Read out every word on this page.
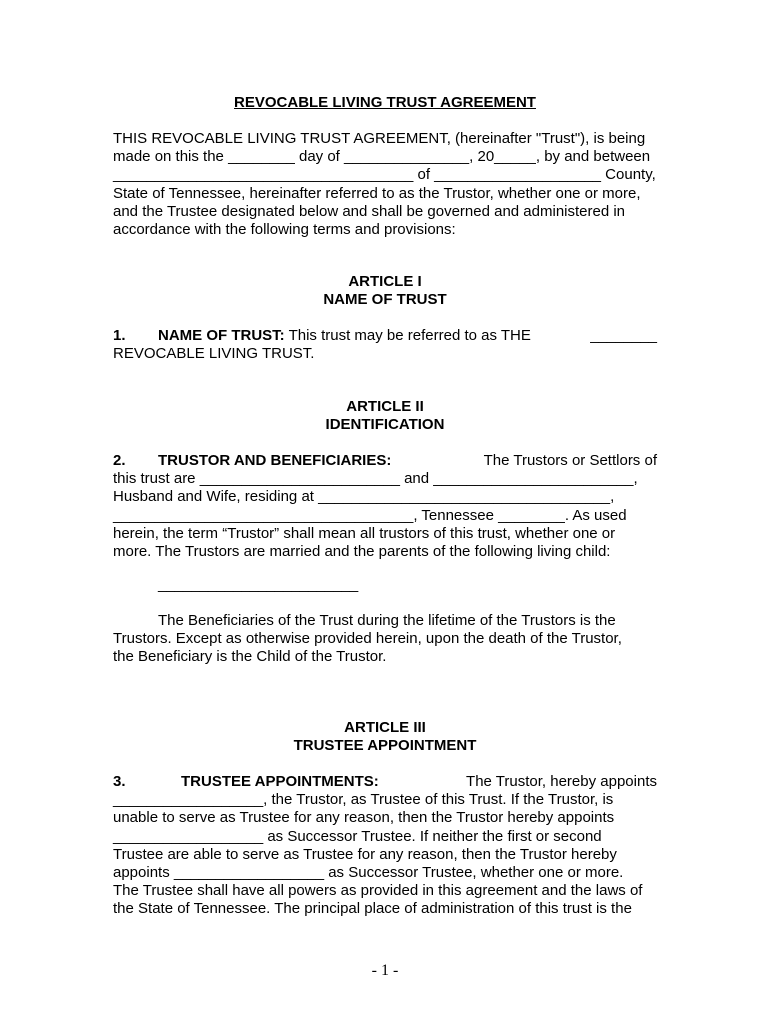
REVOCABLE LIVING TRUST AGREEMENT
THIS REVOCABLE LIVING TRUST AGREEMENT, (hereinafter "Trust"), is being
made on this the ________ day of _______________, 20_____, by and between
____________________________________ of ____________________ County,
State of Tennessee, hereinafter referred to as the Trustor, whether one or more,
and the Trustee designated below and shall be governed and administered in
accordance with the following terms and provisions:
ARTICLE I
NAME OF TRUST
1. NAME OF TRUST: This trust may be referred to as THE	________
REVOCABLE LIVING TRUST.
ARTICLE II
IDENTIFICATION
2. TRUSTOR AND BENEFICIARIES:	The Trustors or Settlors of
this trust are ________________________ and ________________________,
Husband and Wife, residing at ___________________________________,
____________________________________, Tennessee ________. As used
herein, the term “Trustor” shall mean all trustors of this trust, whether one or
more. The Trustors are married and the parents of the following living child:
________________________
The Beneficiaries of the Trust during the lifetime of the Trustors is the
Trustors. Except as otherwise provided herein, upon the death of the Trustor,
the Beneficiary is the Child of the Trustor.
ARTICLE III
TRUSTEE APPOINTMENT
3.	TRUSTEE APPOINTMENTS:	The Trustor, hereby appoints
__________________, the Trustor, as Trustee of this Trust. If the Trustor, is
unable to serve as Trustee for any reason, then the Trustor hereby appoints
__________________ as Successor Trustee. If neither the first or second
Trustee are able to serve as Trustee for any reason, then the Trustor hereby
appoints __________________ as Successor Trustee, whether one or more.
The Trustee shall have all powers as provided in this agreement and the laws of
the State of Tennessee. The principal place of administration of this trust is the
- 1 -
